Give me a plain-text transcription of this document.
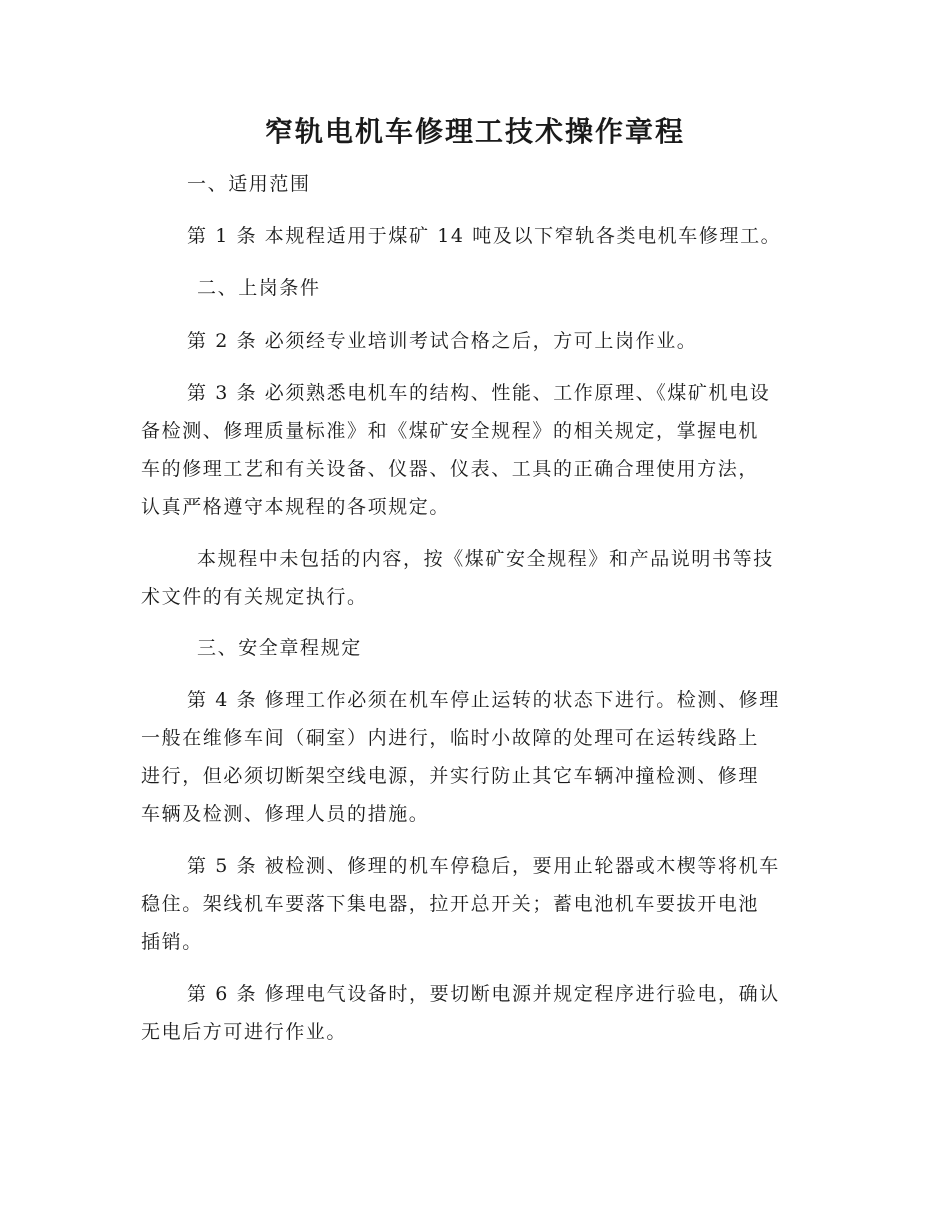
窄轨电机车修理工技术操作章程

一、适用范围

第 1 条 本规程适用于煤矿 14 吨及以下窄轨各类电机车修理工。

二、上岗条件

第 2 条 必须经专业培训考试合格之后，方可上岗作业。

第 3 条 必须熟悉电机车的结构、性能、工作原理、《煤矿机电设

备检测、修理质量标准》和《煤矿安全规程》的相关规定，掌握电机

车的修理工艺和有关设备、仪器、仪表、工具的正确合理使用方法，

认真严格遵守本规程的各项规定。

本规程中未包括的内容，按《煤矿安全规程》和产品说明书等技

术文件的有关规定执行。

三、安全章程规定

第 4 条 修理工作必须在机车停止运转的状态下进行。检测、修理

一般在维修车间（硐室）内进行，临时小故障的处理可在运转线路上

进行，但必须切断架空线电源，并实行防止其它车辆冲撞检测、修理

车辆及检测、修理人员的措施。

第 5 条 被检测、修理的机车停稳后，要用止轮器或木楔等将机车

稳住。架线机车要落下集电器，拉开总开关；蓄电池机车要拔开电池

插销。

第 6 条 修理电气设备时，要切断电源并规定程序进行验电，确认

无电后方可进行作业。
